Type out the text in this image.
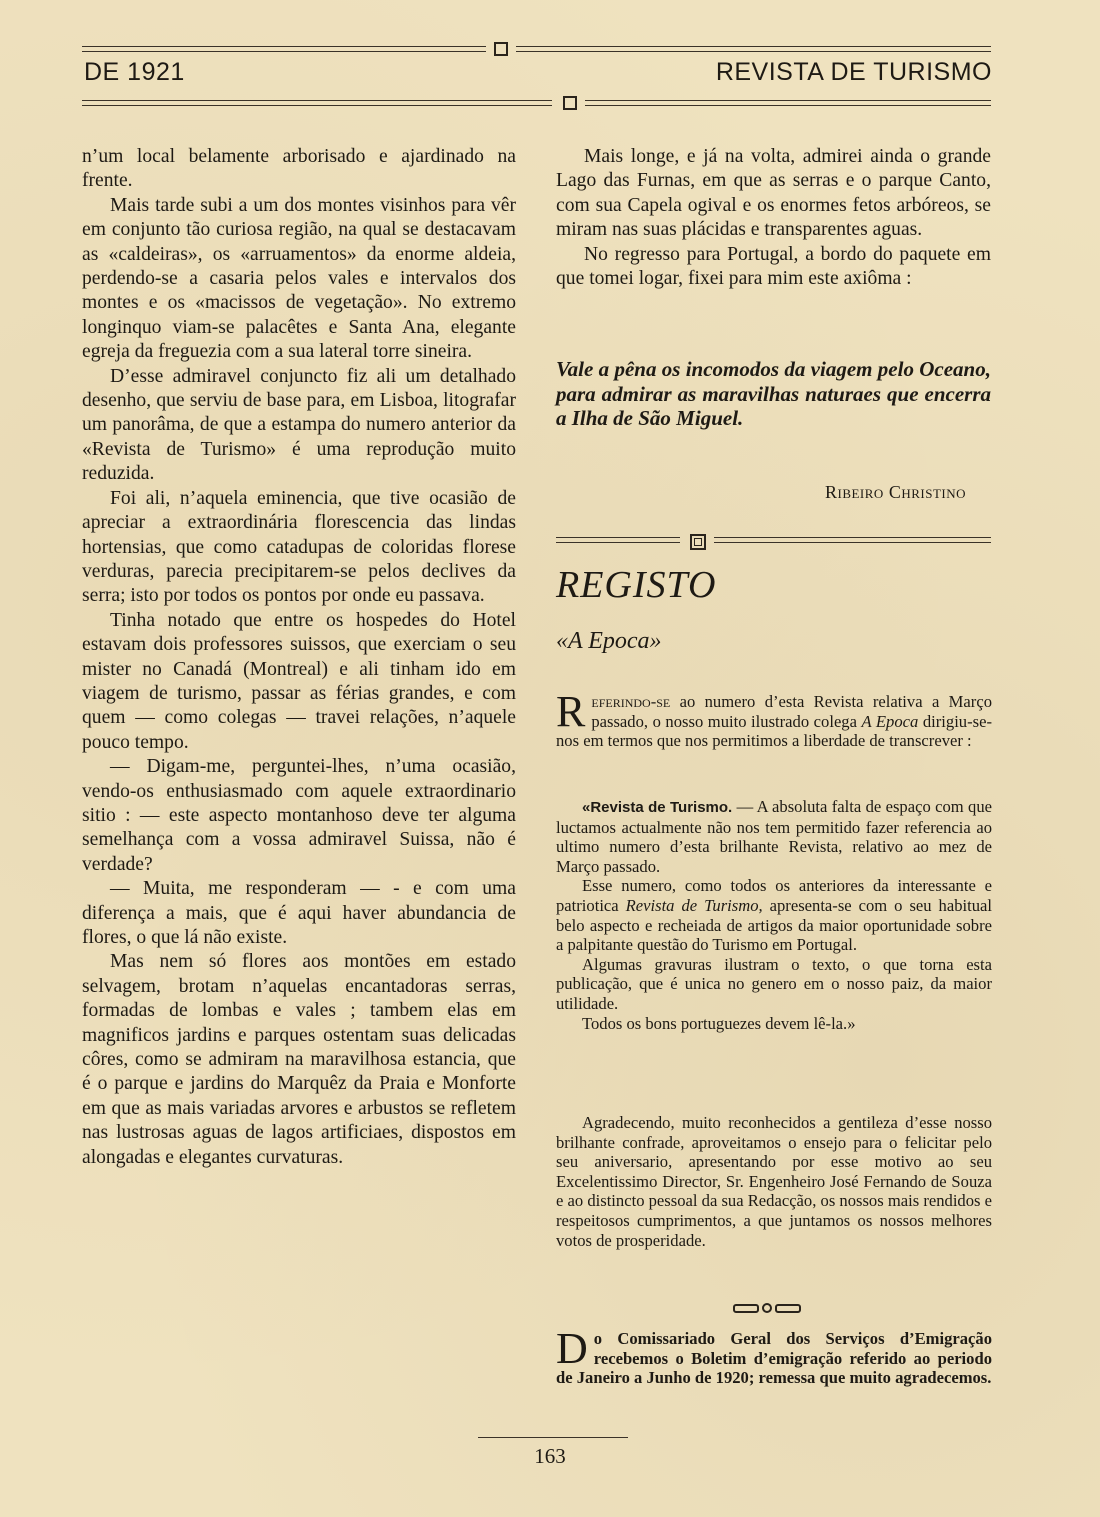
DE 1921	REVISTA DE TURISMO

n’um local belamente arborisado e ajardinado na frente.

Mais tarde subi a um dos montes visinhos para vêr em conjunto tão curiosa região, na qual se destacavam as «caldeiras», os «arruamentos» da enorme aldeia, perdendo-se a casaria pelos vales e intervalos dos montes e os «macissos de vegetação». No extremo longinquo viam-se palacêtes e Santa Ana, elegante egreja da freguezia com a sua lateral torre sineira.

D’esse admiravel conjuncto fiz ali um detalhado desenho, que serviu de base para, em Lisboa, litografar um panorâma, de que a estampa do numero anterior da «Revista de Turismo» é uma reprodução muito reduzida.

Foi ali, n’aquela eminencia, que tive ocasião de apreciar a extraordinária florescencia das lindas hortensias, que como catadupas de coloridas florese verduras, parecia precipitarem-se pelos declives da serra; isto por todos os pontos por onde eu passava.

Tinha notado que entre os hospedes do Hotel estavam dois professores suissos, que exerciam o seu mister no Canadá (Montreal) e ali tinham ido em viagem de turismo, passar as férias grandes, e com quem — como colegas — travei relações, n’aquele pouco tempo.

— Digam-me, perguntei-lhes, n’uma ocasião, vendo-os enthusiasmado com aquele extraordinario sitio : — este aspecto montanhoso deve ter alguma semelhança com a vossa admiravel Suissa, não é verdade?

— Muita, me responderam — - e com uma diferença a mais, que é aqui haver abundancia de flores, o que lá não existe.

Mas nem só flores aos montões em estado selvagem, brotam n’aquelas encantadoras serras, formadas de lombas e vales ; tambem elas em magnificos jardins e parques ostentam suas delicadas côres, como se admiram na maravilhosa estancia, que é o parque e jardins do Marquêz da Praia e Monforte em que as mais variadas arvores e arbustos se refletem nas lustrosas aguas de lagos artificiaes, dispostos em alongadas e elegantes curvaturas.

Mais longe, e já na volta, admirei ainda o grande Lago das Furnas, em que as serras e o parque Canto, com sua Capela ogival e os enormes fetos arbóreos, se miram nas suas plácidas e transparentes aguas.

No regresso para Portugal, a bordo do paquete em que tomei logar, fixei para mim este axiôma :

Vale a pêna os incomodos da viagem pelo Oceano, para admirar as maravilhas naturaes que encerra a Ilha de São Miguel.
Ribeiro Christino
REGISTO
«A Epoca»

Referindo-se ao numero d’esta Revista relativa a Março passado, o nosso muito ilustrado colega A Epoca dirigiu-se-nos em termos que nos permitimos a liberdade de transcrever :

«Revista de Turismo. — A absoluta falta de espaço com que luctamos actualmente não nos tem permitido fazer referencia ao ultimo numero d’esta brilhante Revista, relativo ao mez de Março passado.

Esse numero, como todos os anteriores da interessante e patriotica Revista de Turismo, apresenta-se com o seu habitual belo aspecto e recheiada de artigos da maior oportunidade sobre a palpitante questão do Turismo em Portugal.

Algumas gravuras ilustram o texto, o que torna esta publicação, que é unica no genero em o nosso paiz, da maior utilidade.

Todos os bons portuguezes devem lê-la.»

Agradecendo, muito reconhecidos a gentileza d’esse nosso brilhante confrade, aproveitamos o ensejo para o felicitar pelo seu aniversario, apresentando por esse motivo ao seu Excelentissimo Director, Sr. Engenheiro José Fernando de Souza e ao distincto pessoal da sua Redacção, os nossos mais rendidos e respeitosos cumprimentos, a que juntamos os nossos melhores votos de prosperidade.

Do Comissariado Geral dos Serviços d’Emigração recebemos o Boletim d’emigração referido ao periodo de Janeiro a Junho de 1920; remessa que muito agradecemos.

163
